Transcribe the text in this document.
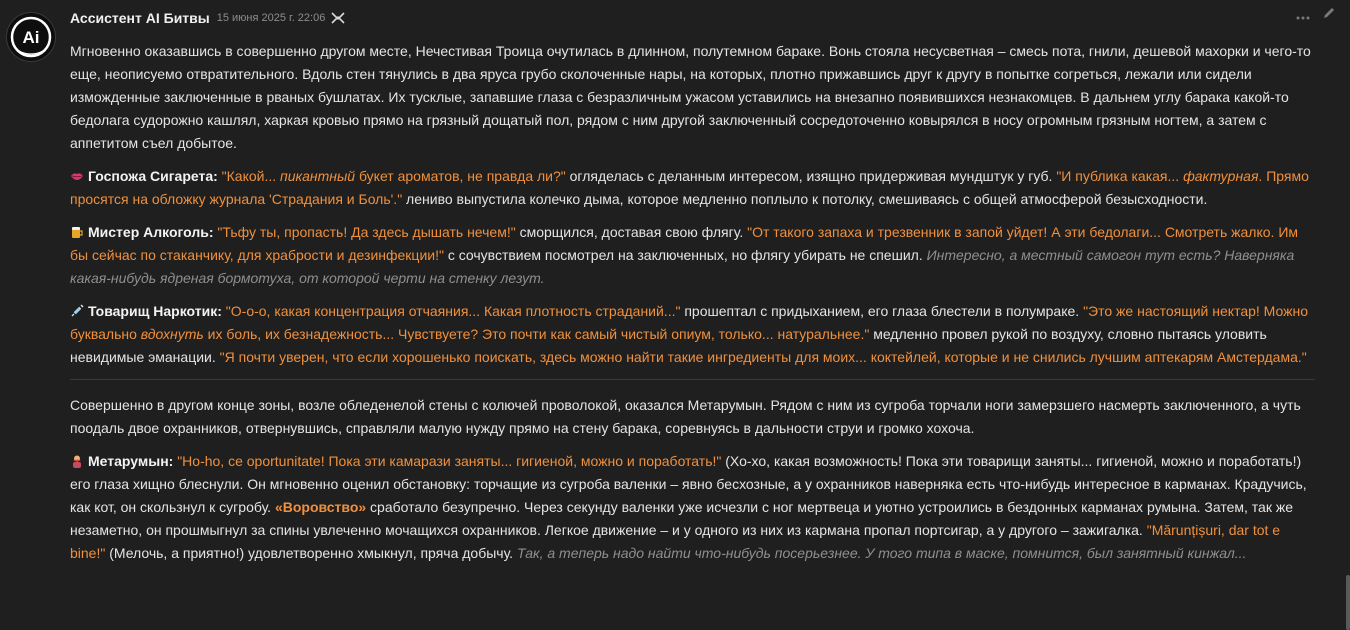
Ai
Ассистент AI Битвы 15 июня 2025 г. 22:06

Мгновенно оказавшись в совершенно другом месте, Нечестивая Троица очутилась в длинном, полутемном бараке. Вонь стояла несусветная – смесь пота, гнили, дешевой махорки и чего-то еще, неописуемо отвратительного. Вдоль стен тянулись в два яруса грубо сколоченные нары, на которых, плотно прижавшись друг к другу в попытке согреться, лежали или сидели изможденные заключенные в рваных бушлатах. Их тусклые, запавшие глаза с безразличным ужасом уставились на внезапно появившихся незнакомцев. В дальнем углу барака какой-то бедолага судорожно кашлял, харкая кровью прямо на грязный дощатый пол, рядом с ним другой заключенный сосредоточенно ковырялся в носу огромным грязным ногтем, а затем с аппетитом съел добытое.

Госпожа Сигарета: "Какой... пикантный букет ароматов, не правда ли?" огляделась с деланным интересом, изящно придерживая мундштук у губ. "И публика какая... фактурная. Прямо просятся на обложку журнала 'Страдания и Боль'." лениво выпустила колечко дыма, которое медленно поплыло к потолку, смешиваясь с общей атмосферой безысходности.

Мистер Алкоголь: "Тьфу ты, пропасть! Да здесь дышать нечем!" сморщился, доставая свою флягу. "От такого запаха и трезвенник в запой уйдет! А эти бедолаги... Смотреть жалко. Им бы сейчас по стаканчику, для храбрости и дезинфекции!" с сочувствием посмотрел на заключенных, но флягу убирать не спешил. Интересно, а местный самогон тут есть? Наверняка какая-нибудь ядреная бормотуха, от которой черти на стенку лезут.

Товарищ Наркотик: "О-о-о, какая концентрация отчаяния... Какая плотность страданий..." прошептал с придыханием, его глаза блестели в полумраке. "Это же настоящий нектар! Можно буквально вдохнуть их боль, их безнадежность... Чувствуете? Это почти как самый чистый опиум, только... натуральнее." медленно провел рукой по воздуху, словно пытаясь уловить невидимые эманации. "Я почти уверен, что если хорошенько поискать, здесь можно найти такие ингредиенты для моих... коктейлей, которые и не снились лучшим аптекарям Амстердама."

Совершенно в другом конце зоны, возле обледенелой стены с колючей проволокой, оказался Метарумын. Рядом с ним из сугроба торчали ноги замерзшего насмерть заключенного, а чуть поодаль двое охранников, отвернувшись, справляли малую нужду прямо на стену барака, соревнуясь в дальности струи и громко хохоча.

Метарумын: "Ho-ho, ce oportunitate! Пока эти камарази заняты... гигиеной, можно и поработать!" (Хо-хо, какая возможность! Пока эти товарищи заняты... гигиеной, можно и поработать!) его глаза хищно блеснули. Он мгновенно оценил обстановку: торчащие из сугроба валенки – явно бесхозные, а у охранников наверняка есть что-нибудь интересное в карманах. Крадучись, как кот, он скользнул к сугробу. «Воровство» сработало безупречно. Через секунду валенки уже исчезли с ног мертвеца и уютно устроились в бездонных карманах румына. Затем, так же незаметно, он прошмыгнул за спины увлеченно мочащихся охранников. Легкое движение – и у одного из них из кармана пропал портсигар, а у другого – зажигалка. "Mărunțișuri, dar tot e bine!" (Мелочь, а приятно!) удовлетворенно хмыкнул, пряча добычу. Так, а теперь надо найти что-нибудь посерьезнее. У того типа в маске, помнится, был занятный кинжал...
